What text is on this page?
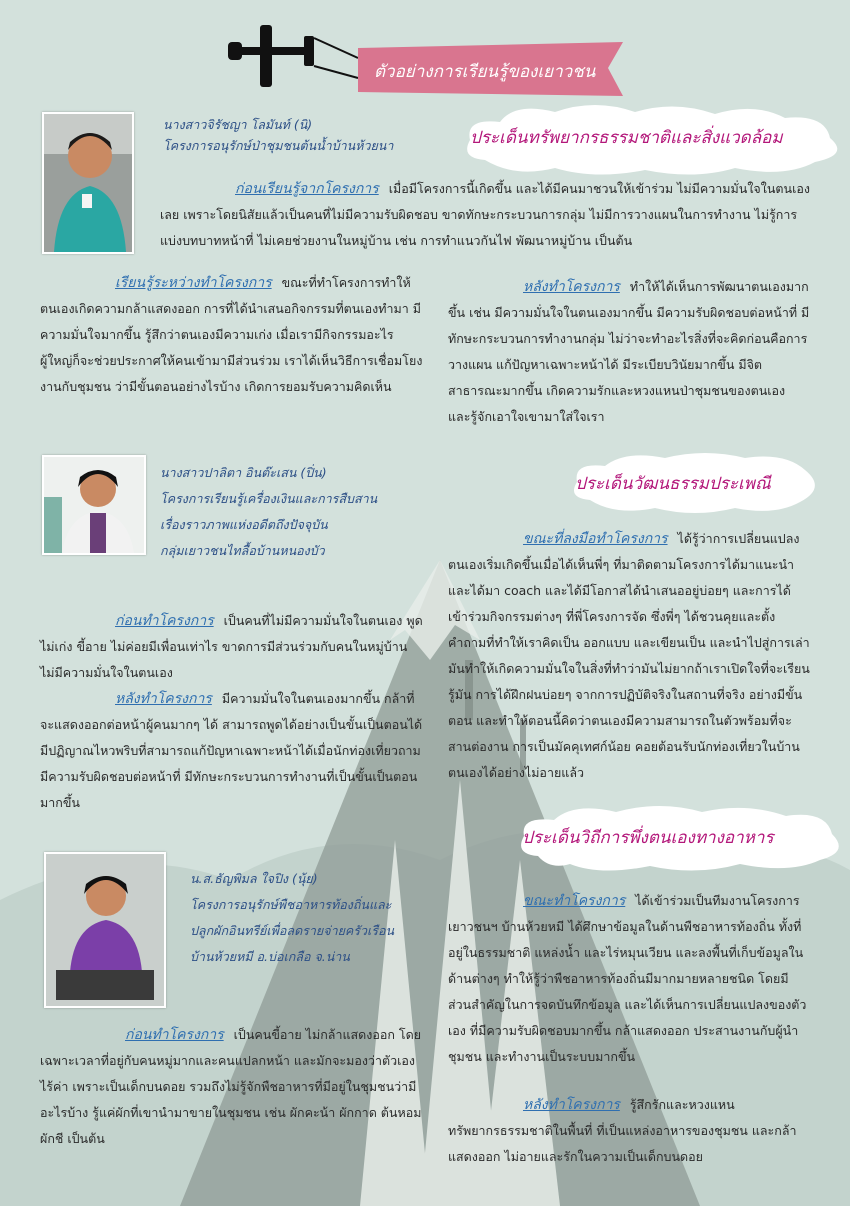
ตัวอย่างการเรียนรู้ของเยาวชน
ประเด็นทรัพยากรธรรมชาติและสิ่งแวดล้อม
ประเด็นวัฒนธรรมประเพณี
ประเด็นวิถีการพึ่งตนเองทางอาหาร
นางสาวจิรัชญา โลมันท์ (นิ)
โครงการอนุรักษ์ป่าชุมชนต้นน้ำบ้านห้วยนา

ก่อนเรียนรู้จากโครงการ เมื่อมีโครงการนี้เกิดขึ้น และได้มีคนมาชวนให้เข้าร่วม ไม่มีความมั่นใจในตนเองเลย เพราะโดยนิสัยแล้วเป็นคนที่ไม่มีความรับผิดชอบ ขาดทักษะกระบวนการกลุ่ม ไม่มีการวางแผนในการทำงาน ไม่รู้การแบ่งบทบาทหน้าที่ ไม่เคยช่วยงานในหมู่บ้าน เช่น การทำแนวกันไฟ พัฒนาหมู่บ้าน เป็นต้น

เรียนรู้ระหว่างทำโครงการ ขณะที่ทำโครงการทำให้ตนเองเกิดความกล้าแสดงออก การที่ได้นำเสนอกิจกรรมที่ตนเองทำมา มีความมั่นใจมากขึ้น รู้สึกว่าตนเองมีความเก่ง เมื่อเรามีกิจกรรมอะไร ผู้ใหญ่ก็จะช่วยประกาศให้คนเข้ามามีส่วนร่วม เราได้เห็นวิธีการเชื่อมโยงงานกับชุมชน ว่ามีขั้นตอนอย่างไรบ้าง เกิดการยอมรับความคิดเห็น

หลังทำโครงการ ทำให้ได้เห็นการพัฒนาตนเองมากขึ้น เช่น มีความมั่นใจในตนเองมากขึ้น มีความรับผิดชอบต่อหน้าที่ มีทักษะกระบวนการทำงานกลุ่ม ไม่ว่าจะทำอะไรสิ่งที่จะคิดก่อนคือการวางแผน แก้ปัญหาเฉพาะหน้าได้ มีระเบียบวินัยมากขึ้น มีจิตสาธารณะมากขึ้น เกิดความรักและหวงแหนป่าชุมชนของตนเอง และรู้จักเอาใจเขามาใส่ใจเรา

นางสาวปาลิตา อินต๊ะเสน (ปิ่น)
โครงการเรียนรู้เครื่องเงินและการสืบสาน
เรื่องราวภาพแห่งอดีตถึงปัจจุบัน
กลุ่มเยาวชนไทลื้อบ้านหนองบัว

ก่อนทำโครงการ เป็นคนที่ไม่มีความมั่นใจในตนเอง พูดไม่เก่ง ขี้อาย ไม่ค่อยมีเพื่อนเท่าไร ขาดการมีส่วนร่วมกับคนในหมู่บ้าน ไม่มีความมั่นใจในตนเอง

หลังทำโครงการ มีความมั่นใจในตนเองมากขึ้น กล้าที่จะแสดงออกต่อหน้าผู้คนมากๆ ได้ สามารถพูดได้อย่างเป็นขั้นเป็นตอนได้ มีปฏิญาณไหวพริบที่สามารถแก้ปัญหาเฉพาะหน้าได้เมื่อนักท่องเที่ยวถาม มีความรับผิดชอบต่อหน้าที่ มีทักษะกระบวนการทำงานที่เป็นขั้นเป็นตอนมากขึ้น

ขณะที่ลงมือทำโครงการ ได้รู้ว่าการเปลี่ยนแปลงตนเองเริ่มเกิดขึ้นเมื่อได้เห็นพี่ๆ ที่มาติดตามโครงการได้มาแนะนำและได้มา coach และได้มีโอกาสได้นำเสนออยู่บ่อยๆ และการได้เข้าร่วมกิจกรรมต่างๆ ที่พี่โครงการจัด ซึ่งพี่ๆ ได้ชวนคุยและตั้งคำถามที่ทำให้เราคิดเป็น ออกแบบ และเขียนเป็น และนำไปสู่การเล่า มันทำให้เกิดความมั่นใจในสิ่งที่ทำว่ามันไม่ยากถ้าเราเปิดใจที่จะเรียนรู้มัน การได้ฝึกฝนบ่อยๆ จากการปฏิบัติจริงในสถานที่จริง อย่างมีขั้นตอน และทำให้ตอนนี้คิดว่าตนเองมีความสามารถในตัวพร้อมที่จะสานต่องาน การเป็นมัคคุเทศก์น้อย คอยต้อนรับนักท่องเที่ยวในบ้านตนเองได้อย่างไม่อายแล้ว

น.ส.ธัญพิมล ใจปิง (นุ้ย)
โครงการอนุรักษ์พืชอาหารท้องถิ่นและ
ปลูกผักอินทรีย์เพื่อลดรายจ่ายครัวเรือน
บ้านห้วยหมี อ.บ่อเกลือ จ.น่าน

ก่อนทำโครงการ เป็นคนขี้อาย ไม่กล้าแสดงออก โดยเฉพาะเวลาที่อยู่กับคนหมู่มากและคนแปลกหน้า และมักจะมองว่าตัวเองไร้ค่า เพราะเป็นเด็กบนดอย รวมถึงไม่รู้จักพืชอาหารที่มีอยู่ในชุมชนว่ามีอะไรบ้าง รู้แค่ผักที่เขานำมาขายในชุมชน เช่น ผักคะน้า ผักกาด ต้นหอม ผักชี เป็นต้น

ขณะทำโครงการ ได้เข้าร่วมเป็นทีมงานโครงการเยาวชนฯ บ้านห้วยหมี ได้ศึกษาข้อมูลในด้านพืชอาหารท้องถิ่น ทั้งที่อยู่ในธรรมชาติ แหล่งน้ำ และไร่หมุนเวียน และลงพื้นที่เก็บข้อมูลในด้านต่างๆ ทำให้รู้ว่าพืชอาหารท้องถิ่นมีมากมายหลายชนิด โดยมีส่วนสำคัญในการจดบันทึกข้อมูล และได้เห็นการเปลี่ยนแปลงของตัวเอง ที่มีความรับผิดชอบมากขึ้น กล้าแสดงออก ประสานงานกับผู้นำชุมชน และทำงานเป็นระบบมากขึ้น

หลังทำโครงการ รู้สึกรักและหวงแหนทรัพยากรธรรมชาติในพื้นที่ ที่เป็นแหล่งอาหารของชุมชน และกล้าแสดงออก ไม่อายและรักในความเป็นเด็กบนดอย
